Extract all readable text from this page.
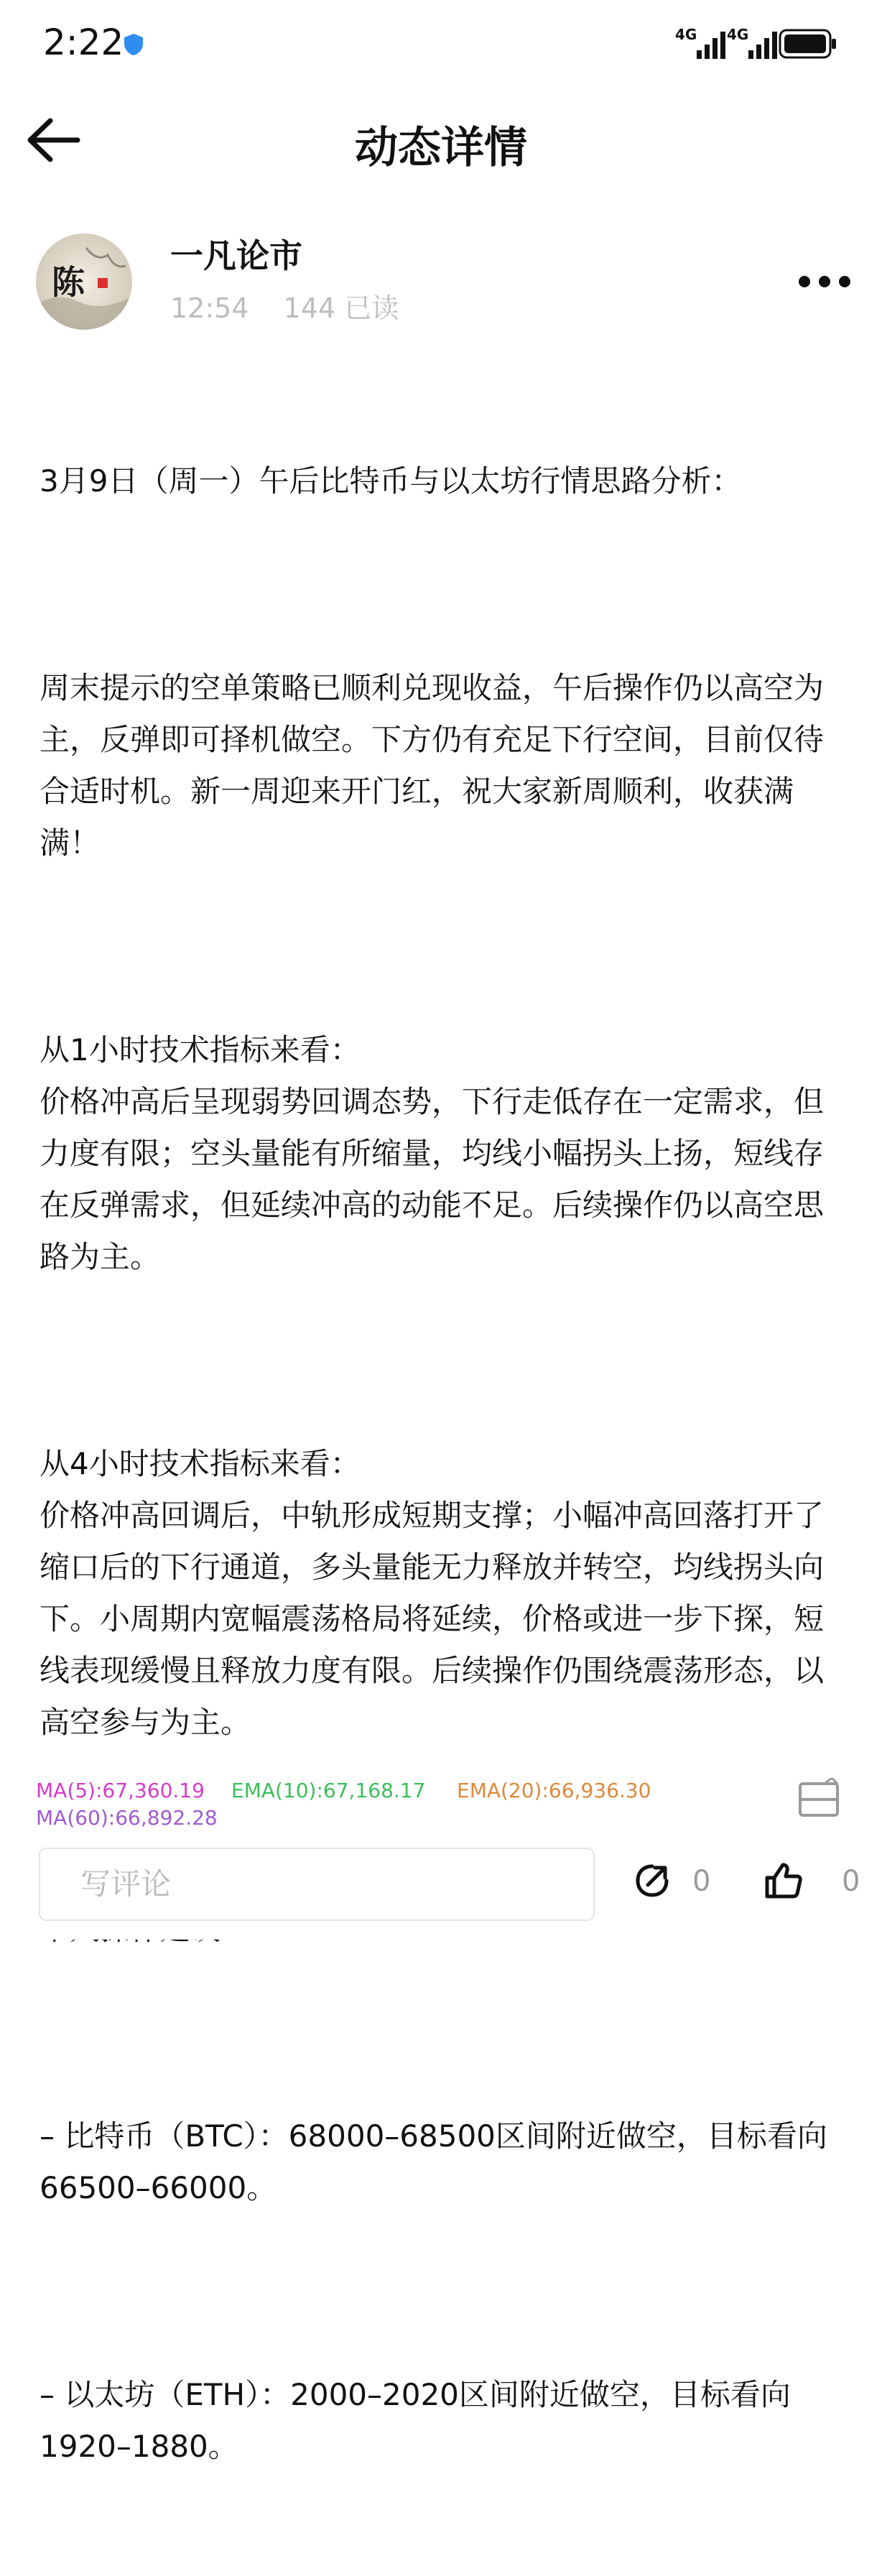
2:22	4G 4G
动态详情
陈
一凡论市
12:54 144 已读

3月9日（周一）午后比特币与以太坊行情思路分析：

周末提示的空单策略已顺利兑现收益，午后操作仍以高空为主，反弹即可择机做空。下方仍有充足下行空间，目前仅待合适时机。新一周迎来开门红，祝大家新周顺利，收获满满！

从1小时技术指标来看：
价格冲高后呈现弱势回调态势，下行走低存在一定需求，但力度有限；空头量能有所缩量，均线小幅拐头上扬，短线存在反弹需求，但延续冲高的动能不足。后续操作仍以高空思路为主。

从4小时技术指标来看：
价格冲高回调后，中轨形成短期支撑；小幅冲高回落打开了缩口后的下行通道，多头量能无力释放并转空，均线拐头向下。小周期内宽幅震荡格局将延续，价格或进一步下探，短线表现缓慢且释放力度有限。后续操作仍围绕震荡形态，以高空参与为主。

– 比特币（BTC）：68000–68500区间附近做空，目标看向66500–66000。

– 以太坊（ETH）：2000–2020区间附近做空，目标看向1920–1880。

MA(5):67,360.19 EMA(10):67,168.17 EMA(20):66,936.30
MA(60):66,892.28
写评论	0	0
